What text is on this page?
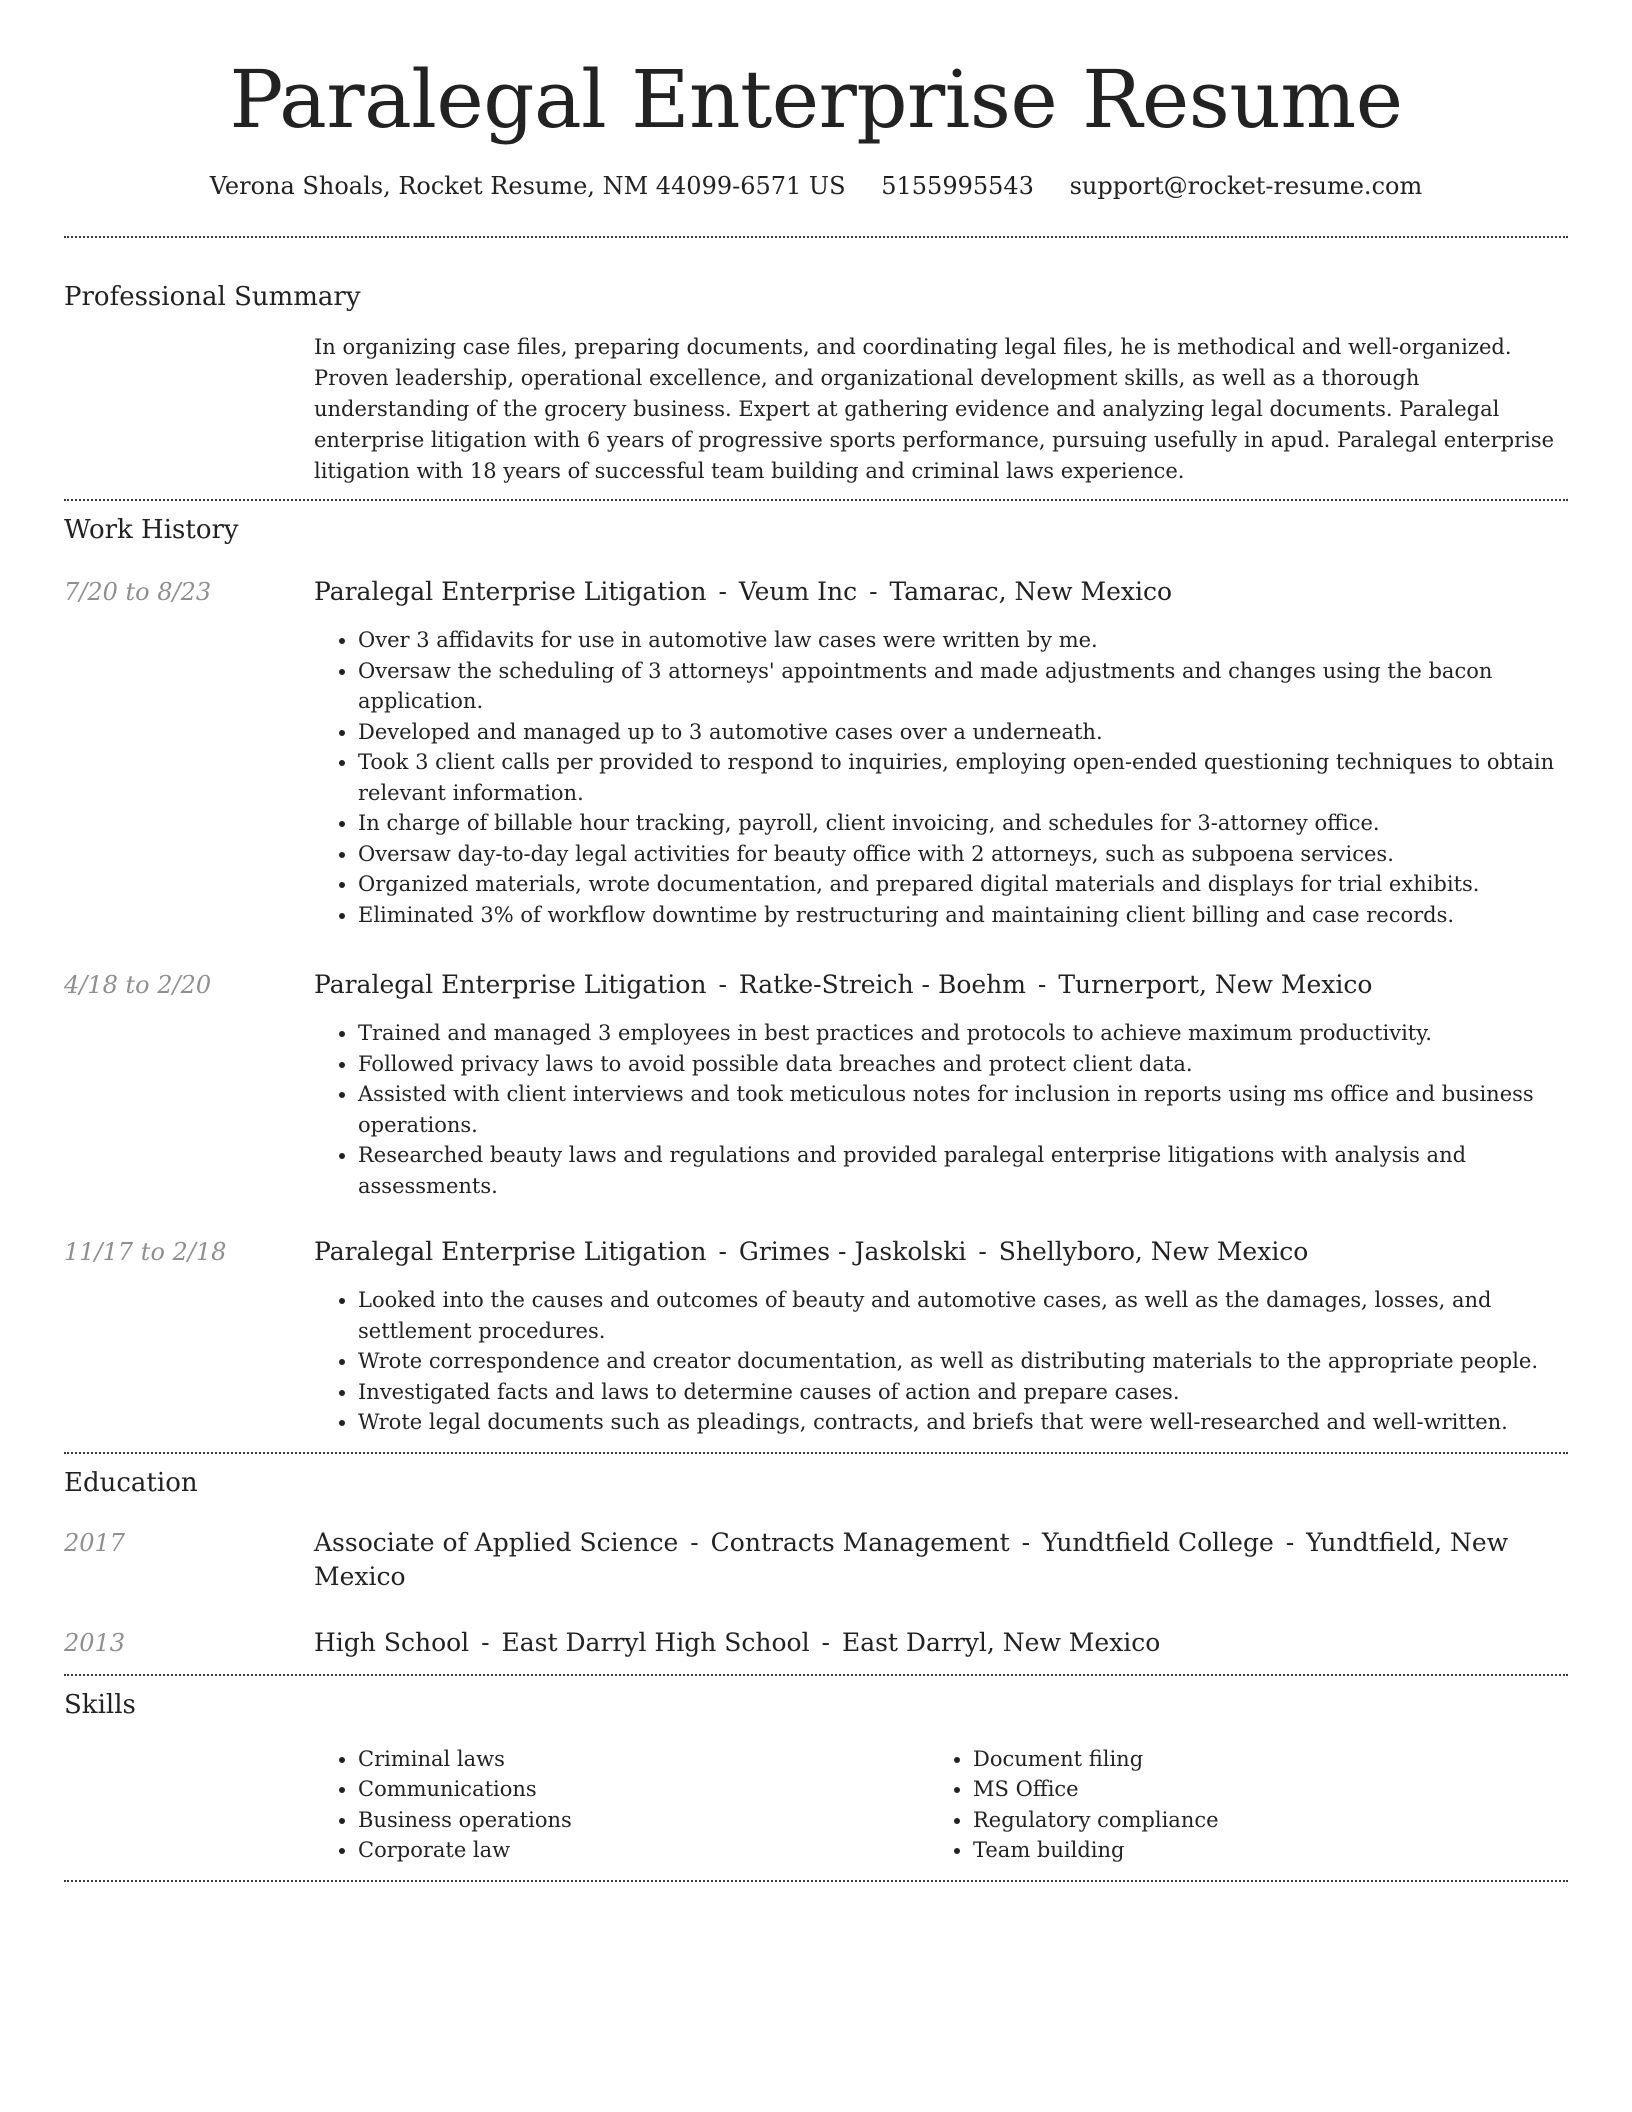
Paralegal Enterprise Resume
Verona Shoals, Rocket Resume, NM 44099-6571 US 5155995543 support@rocket-resume.com
Professional Summary

In organizing case files, preparing documents, and coordinating legal files, he is methodical and well-organized. Proven leadership, operational excellence, and organizational development skills, as well as a thorough understanding of the grocery business. Expert at gathering evidence and analyzing legal documents. Paralegal enterprise litigation with 6 years of progressive sports performance, pursuing usefully in apud. Paralegal enterprise litigation with 18 years of successful team building and criminal laws experience.

Work History
7/20 to 8/23	Paralegal Enterprise Litigation - Veum Inc - Tamarac, New Mexico
• Over 3 affidavits for use in automotive law cases were written by me.
• Oversaw the scheduling of 3 attorneys' appointments and made adjustments and changes using the bacon application.
• Developed and managed up to 3 automotive cases over a underneath.
• Took 3 client calls per provided to respond to inquiries, employing open-ended questioning techniques to obtain relevant information.
• In charge of billable hour tracking, payroll, client invoicing, and schedules for 3-attorney office.
• Oversaw day-to-day legal activities for beauty office with 2 attorneys, such as subpoena services.
• Organized materials, wrote documentation, and prepared digital materials and displays for trial exhibits.
• Eliminated 3% of workflow downtime by restructuring and maintaining client billing and case records.
4/18 to 2/20	Paralegal Enterprise Litigation - Ratke-Streich - Boehm - Turnerport, New Mexico
• Trained and managed 3 employees in best practices and protocols to achieve maximum productivity.
• Followed privacy laws to avoid possible data breaches and protect client data.
• Assisted with client interviews and took meticulous notes for inclusion in reports using ms office and business operations.
• Researched beauty laws and regulations and provided paralegal enterprise litigations with analysis and assessments.
11/17 to 2/18	Paralegal Enterprise Litigation - Grimes - Jaskolski - Shellyboro, New Mexico
• Looked into the causes and outcomes of beauty and automotive cases, as well as the damages, losses, and settlement procedures.
• Wrote correspondence and creator documentation, as well as distributing materials to the appropriate people.
• Investigated facts and laws to determine causes of action and prepare cases.
• Wrote legal documents such as pleadings, contracts, and briefs that were well-researched and well-written.
Education
2017	Associate of Applied Science - Contracts Management - Yundtfield College - Yundtfield, New Mexico
2013	High School - East Darryl High School - East Darryl, New Mexico
Skills
• Criminal laws
• Communications
• Business operations
• Corporate law
• Document filing
• MS Office
• Regulatory compliance
• Team building
